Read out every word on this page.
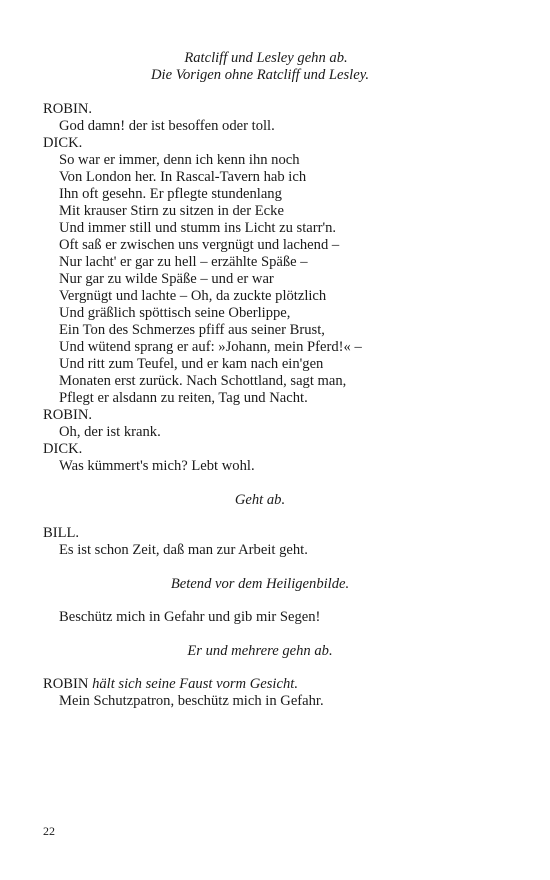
Ratcliff und Lesley gehn ab.
Die Vorigen ohne Ratcliff und Lesley.
ROBIN.
God damn! der ist besoffen oder toll.
DICK.
So war er immer, denn ich kenn ihn noch
Von London her. In Rascal-Tavern hab ich
Ihn oft gesehn. Er pflegte stundenlang
Mit krauser Stirn zu sitzen in der Ecke
Und immer still und stumm ins Licht zu starr'n.
Oft saß er zwischen uns vergnügt und lachend –
Nur lacht' er gar zu hell – erzählte Späße –
Nur gar zu wilde Späße – und er war
Vergnügt und lachte – Oh, da zuckte plötzlich
Und gräßlich spöttisch seine Oberlippe,
Ein Ton des Schmerzes pfiff aus seiner Brust,
Und wütend sprang er auf: »Johann, mein Pferd!« –
Und ritt zum Teufel, und er kam nach ein'gen
Monaten erst zurück. Nach Schottland, sagt man,
Pflegt er alsdann zu reiten, Tag und Nacht.
ROBIN.
Oh, der ist krank.
DICK.
Was kümmert's mich? Lebt wohl.
Geht ab.
BILL.
Es ist schon Zeit, daß man zur Arbeit geht.
Betend vor dem Heiligenbilde.
Beschütz mich in Gefahr und gib mir Segen!
Er und mehrere gehn ab.
ROBIN hält sich seine Faust vorm Gesicht.
Mein Schutzpatron, beschütz mich in Gefahr.
22
